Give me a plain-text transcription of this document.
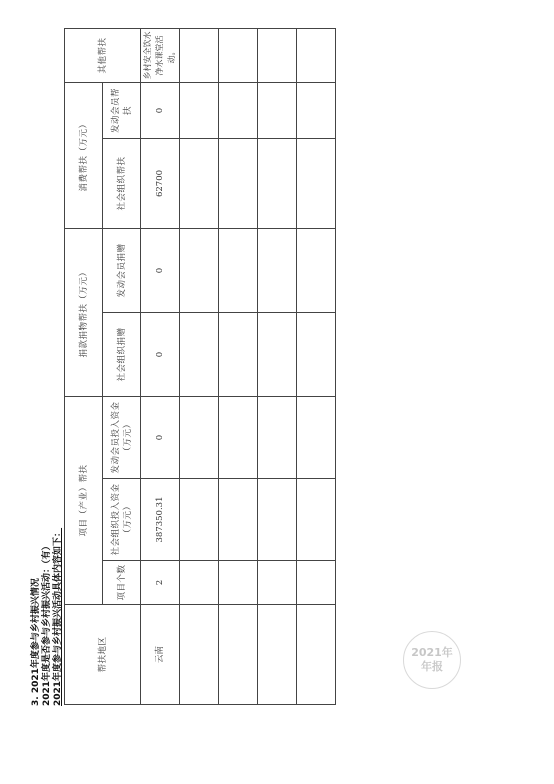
3. 2021年度参与乡村振兴情况 2021年度是否参与乡村振兴活动：（有） 2021年度参与乡村振兴活动具体内容如下：	帮扶地区	项目（产业）帮扶			捐款捐物帮扶（万元）		消费帮扶（万元）		其他帮扶
	项目个数	社会组织投入资金（万元）	发动会员投入资金（万元）	社会组织捐赠	发动会员捐赠	社会组织帮扶	发动会员帮扶	
云南	2	387350.31	0	0	0	62700	0	乡村安全饮水净水课堂活动。

2021年
年报
